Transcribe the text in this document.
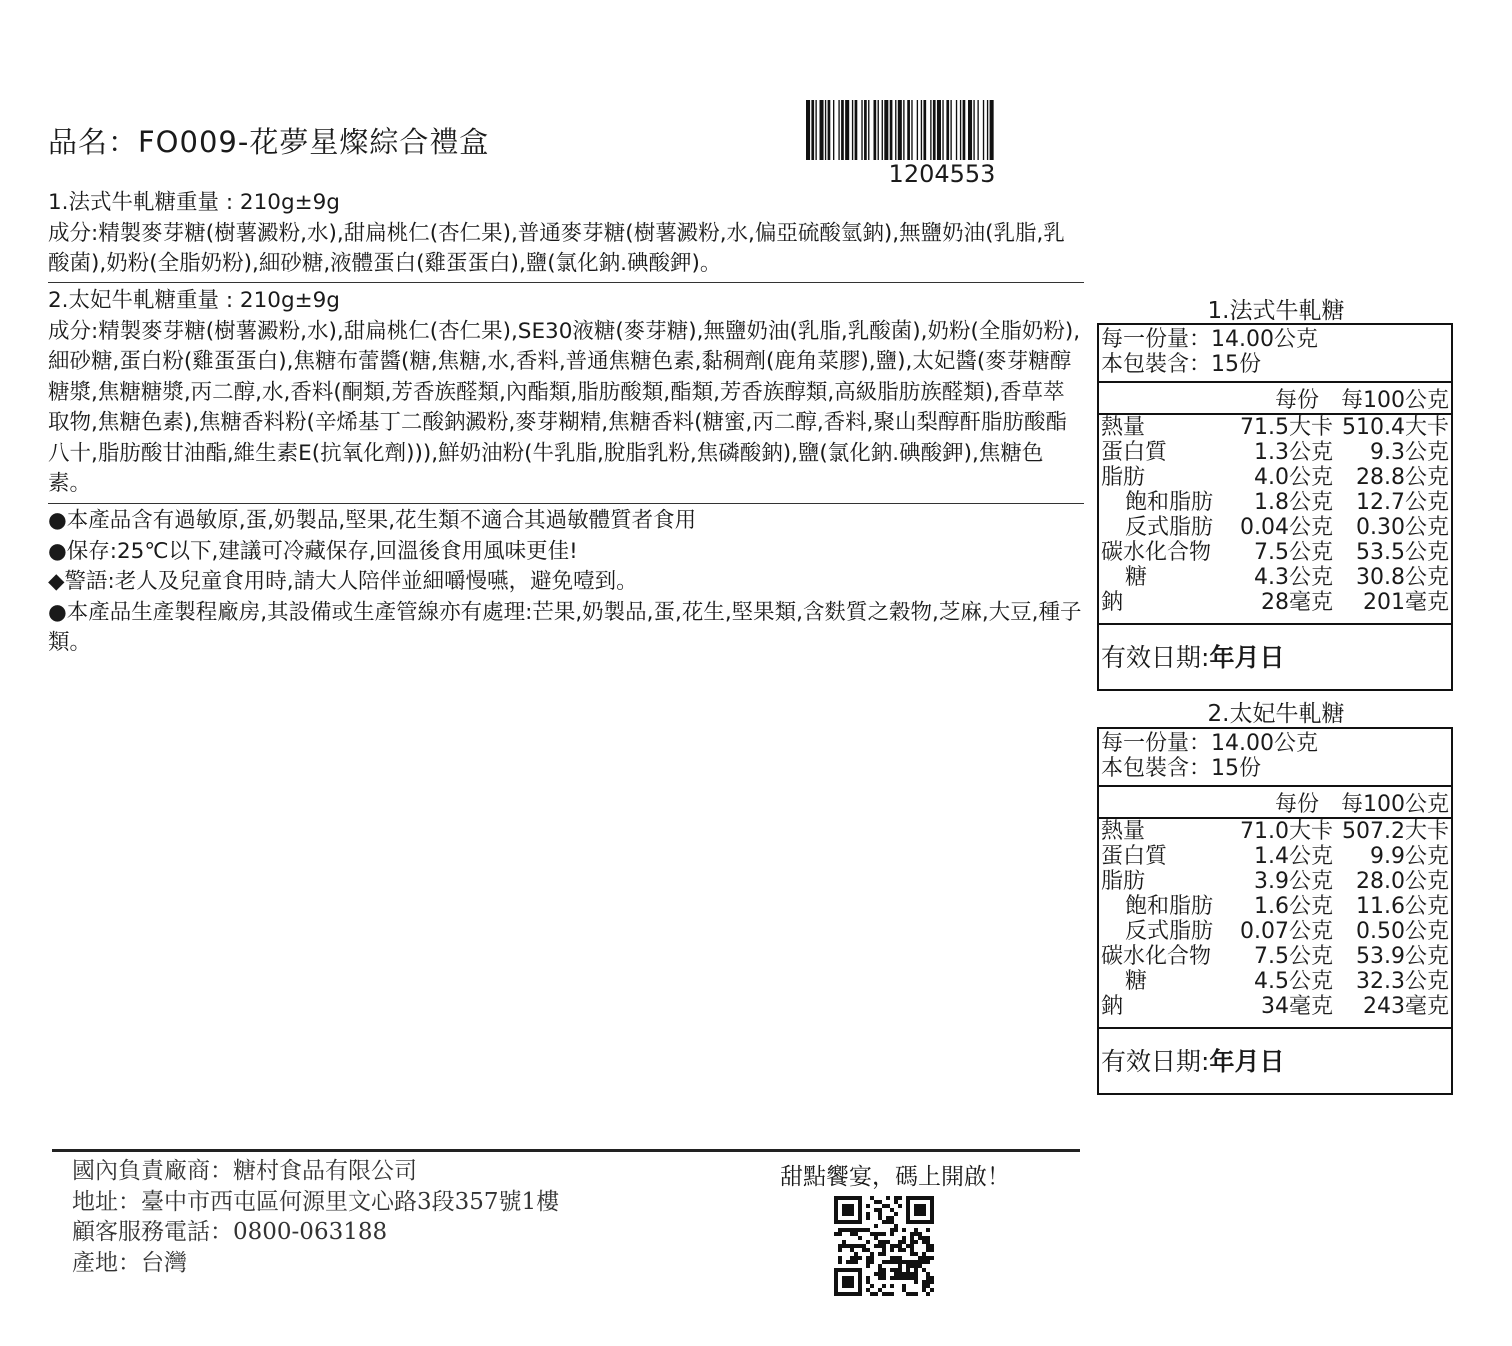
品名：FO009-花夢星燦綜合禮盒
1204553

1.法式牛軋糖重量 : 210g±9g

成分:精製麥芽糖(樹薯澱粉,水),甜扁桃仁(杏仁果),普通麥芽糖(樹薯澱粉,水,偏亞硫酸氫鈉),無鹽奶油(乳脂,乳酸菌),奶粉(全脂奶粉),細砂糖,液體蛋白(雞蛋蛋白),鹽(氯化鈉.碘酸鉀)。

2.太妃牛軋糖重量 : 210g±9g

成分:精製麥芽糖(樹薯澱粉,水),甜扁桃仁(杏仁果),SE30液糖(麥芽糖),無鹽奶油(乳脂,乳酸菌),奶粉(全脂奶粉),細砂糖,蛋白粉(雞蛋蛋白),焦糖布蕾醬(糖,焦糖,水,香料,普通焦糖色素,黏稠劑(鹿角菜膠),鹽),太妃醬(麥芽糖醇糖漿,焦糖糖漿,丙二醇,水,香料(酮類,芳香族醛類,內酯類,脂肪酸類,酯類,芳香族醇類,高級脂肪族醛類),香草萃取物,焦糖色素),焦糖香料粉(辛烯基丁二酸鈉澱粉,麥芽糊精,焦糖香料(糖蜜,丙二醇,香料,聚山梨醇酐脂肪酸酯八十,脂肪酸甘油酯,維生素E(抗氧化劑))),鮮奶油粉(牛乳脂,脫脂乳粉,焦磷酸鈉),鹽(氯化鈉.碘酸鉀),焦糖色素。

●本產品含有過敏原,蛋,奶製品,堅果,花生類不適合其過敏體質者食用

●保存:25℃以下,建議可冷藏保存,回溫後食用風味更佳!

◆警語:老人及兒童食用時,請大人陪伴並細嚼慢嚥，避免噎到。

●本產品生產製程廠房,其設備或生產管線亦有處理:芒果,奶製品,蛋,花生,堅果類,含麩質之穀物,芝麻,大豆,種子類。

1.法式牛軋糖
每一份量：14.00公克
本包裝含：15份
每份	每100公克
熱量	71.5大卡 510.4大卡
蛋白質	1.3公克	9.3公克
脂肪	4.0公克	28.8公克
飽和脂肪	1.8公克	12.7公克
反式脂肪	0.04公克	0.30公克
碳水化合物	7.5公克	53.5公克
糖	4.3公克	30.8公克
鈉	28毫克	201毫克
有效日期: 年月日
2.太妃牛軋糖
每一份量：14.00公克
本包裝含：15份
每份	每100公克
熱量	71.0大卡 507.2大卡
蛋白質	1.4公克	9.9公克
脂肪	3.9公克	28.0公克
飽和脂肪	1.6公克	11.6公克
反式脂肪	0.07公克	0.50公克
碳水化合物	7.5公克	53.9公克
糖	4.5公克	32.3公克
鈉	34毫克	243毫克
有效日期: 年月日
國內負責廠商：糖村食品有限公司
地址：臺中市西屯區何源里文心路3段357號1樓
顧客服務電話：0800-063188
產地：台灣
甜點饗宴，碼上開啟！
